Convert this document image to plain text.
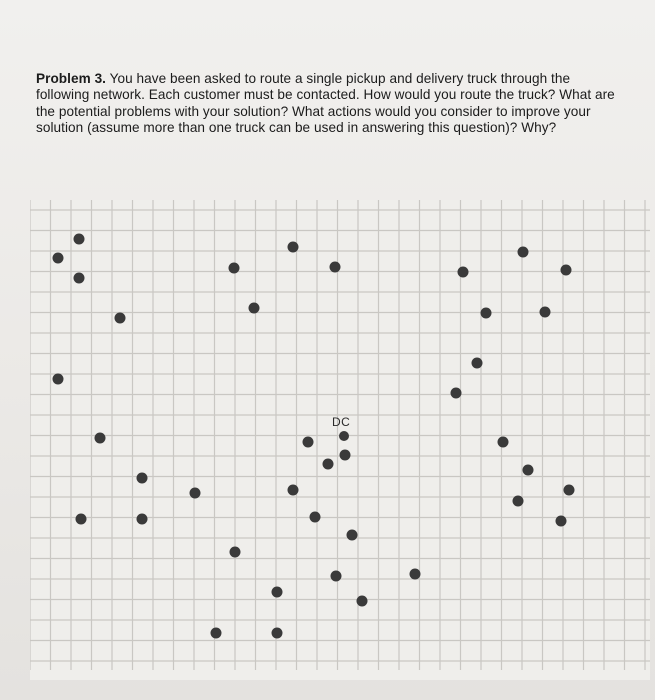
Problem 3. You have been asked to route a single pickup and delivery truck through the following network. Each customer must be contacted. How would you route the truck? What are the potential problems with your solution? What actions would you consider to improve your solution (assume more than one truck can be used in answering this question)? Why?
DC
